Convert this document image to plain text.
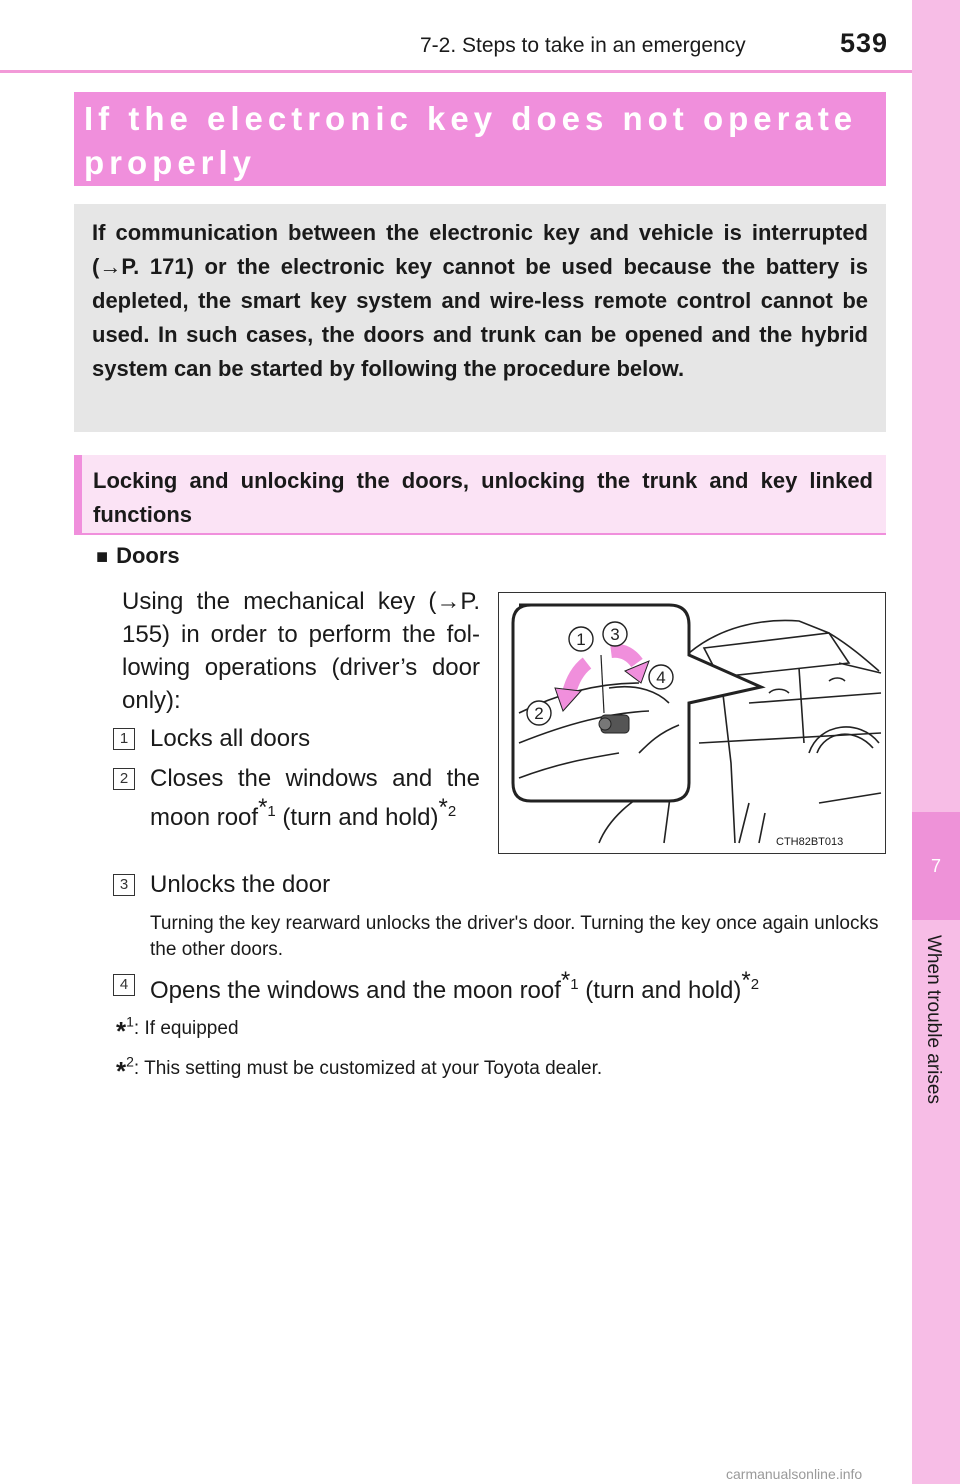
7-2. Steps to take in an emergency	539
7
When trouble arises
If the electronic key does not operate properly
If communication between the electronic key and vehicle is interrupted (→P. 171) or the electronic key cannot be used because the battery is depleted, the smart key system and wire-less remote control cannot be used. In such cases, the doors and trunk can be opened and the hybrid system can be started by following the procedure below.
Locking and unlocking the doors, unlocking the trunk and key linked functions
■ Doors
Using the mechanical key (→P. 155) in order to perform the fol-lowing operations (driver’s door only):
1 Locks all doors
2 Closes the windows and the moon roof*$^1$ (turn and hold)*$^2$
3 Unlocks the door
Turning the key rearward unlocks the driver's door. Turning the key once again unlocks the other doors.
4 Opens the windows and the moon roof*$^1$ (turn and hold)*$^2$
*$^1$: If equipped
*$^2$: This setting must be customized at your Toyota dealer.
1 3
2
4
CTH82BT013
carmanualsonline.info
